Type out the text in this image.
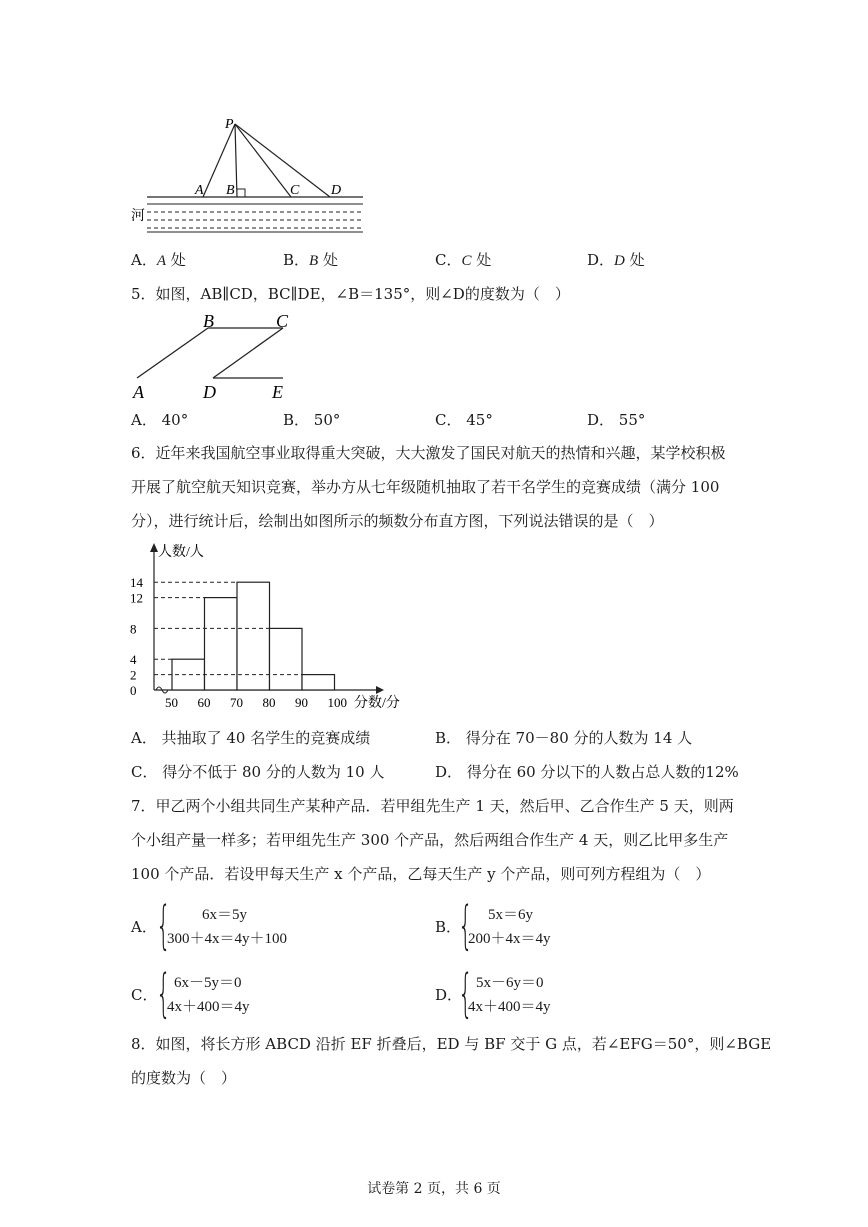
P
A B	C D
河
A．A 处	B．B 处	C．C 处	D．D 处
5．如图，AB∥CD，BC∥DE，∠B＝135°，则∠D的度数为（　）
A
B	C
D	E
A． 40°	B． 50°	C． 45°	D． 55°
6．近年来我国航空事业取得重大突破，大大激发了国民对航天的热情和兴趣，某学校积极
开展了航空航天知识竞赛，举办方从七年级随机抽取了若干名学生的竞赛成绩（满分 100
分），进行统计后，绘制出如图所示的频数分布直方图，下列说法错误的是（　）
0
2
4
8
12
14
50 60 70 80 90 100 分数/分
人数/人
A． 共抽取了 40 名学生的竞赛成绩	B． 得分在 70－80 分的人数为 14 人
C． 得分不低于 80 分的人数为 10 人	D． 得分在 60 分以下的人数占总人数的12%
7．甲乙两个小组共同生产某种产品．若甲组先生产 1 天，然后甲、乙合作生产 5 天，则两
个小组产量一样多；若甲组先生产 300 个产品，然后两组合作生产 4 天，则乙比甲多生产
100 个产品．若设甲每天生产 x 个产品，乙每天生产 y 个产品，则可列方程组为（　）
A． { 6x＝5y
300＋4x＝4y＋100
B．
{ 5x＝6y
200＋4x＝4y
C．
{ 6x－5y＝0
4x＋400＝4y
D．
{ 5x－6y＝0
4x＋400＝4y
8．如图，将长方形 ABCD 沿折 EF 折叠后，ED 与 BF 交于 G 点，若∠EFG＝50°，则∠BGE
的度数为（　）
试卷第 2 页，共 6 页
